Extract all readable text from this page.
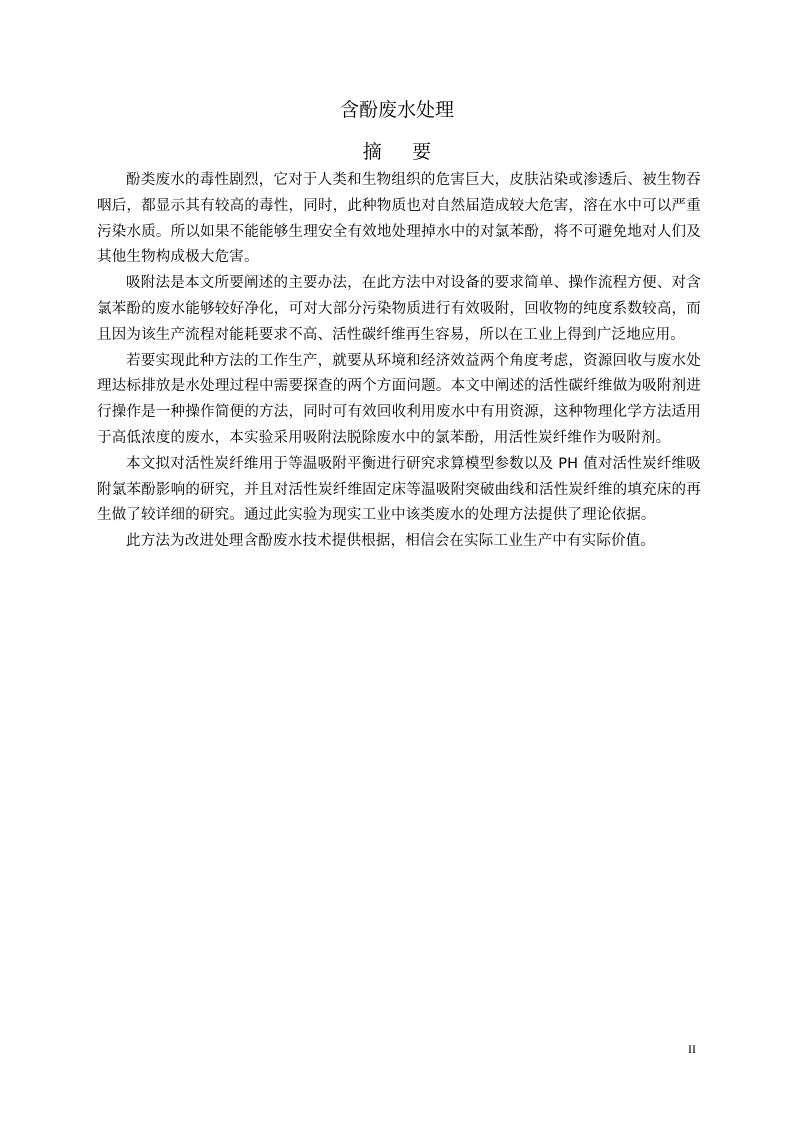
含酚废水处理
摘要

酚类废水的毒性剧烈，它对于人类和生物组织的危害巨大，皮肤沾染或渗透后、被生物吞咽后，都显示其有较高的毒性，同时，此种物质也对自然届造成较大危害，溶在水中可以严重污染水质。所以如果不能能够生理安全有效地处理掉水中的对氯苯酚，将不可避免地对人们及其他生物构成极大危害。

吸附法是本文所要阐述的主要办法，在此方法中对设备的要求简单、操作流程方便、对含氯苯酚的废水能够较好净化，可对大部分污染物质进行有效吸附，回收物的纯度系数较高，而且因为该生产流程对能耗要求不高、活性碳纤维再生容易，所以在工业上得到广泛地应用。

若要实现此种方法的工作生产，就要从环境和经济效益两个角度考虑，资源回收与废水处理达标排放是水处理过程中需要探查的两个方面问题。本文中阐述的活性碳纤维做为吸附剂进行操作是一种操作简便的方法，同时可有效回收利用废水中有用资源，这种物理化学方法适用于高低浓度的废水，本实验采用吸附法脱除废水中的氯苯酚，用活性炭纤维作为吸附剂。

本文拟对活性炭纤维用于等温吸附平衡进行研究求算模型参数以及 PH 值对活性炭纤维吸附氯苯酚影响的研究，并且对活性炭纤维固定床等温吸附突破曲线和活性炭纤维的填充床的再生做了较详细的研究。通过此实验为现实工业中该类废水的处理方法提供了理论依据。

此方法为改进处理含酚废水技术提供根据，相信会在实际工业生产中有实际价值。

II
